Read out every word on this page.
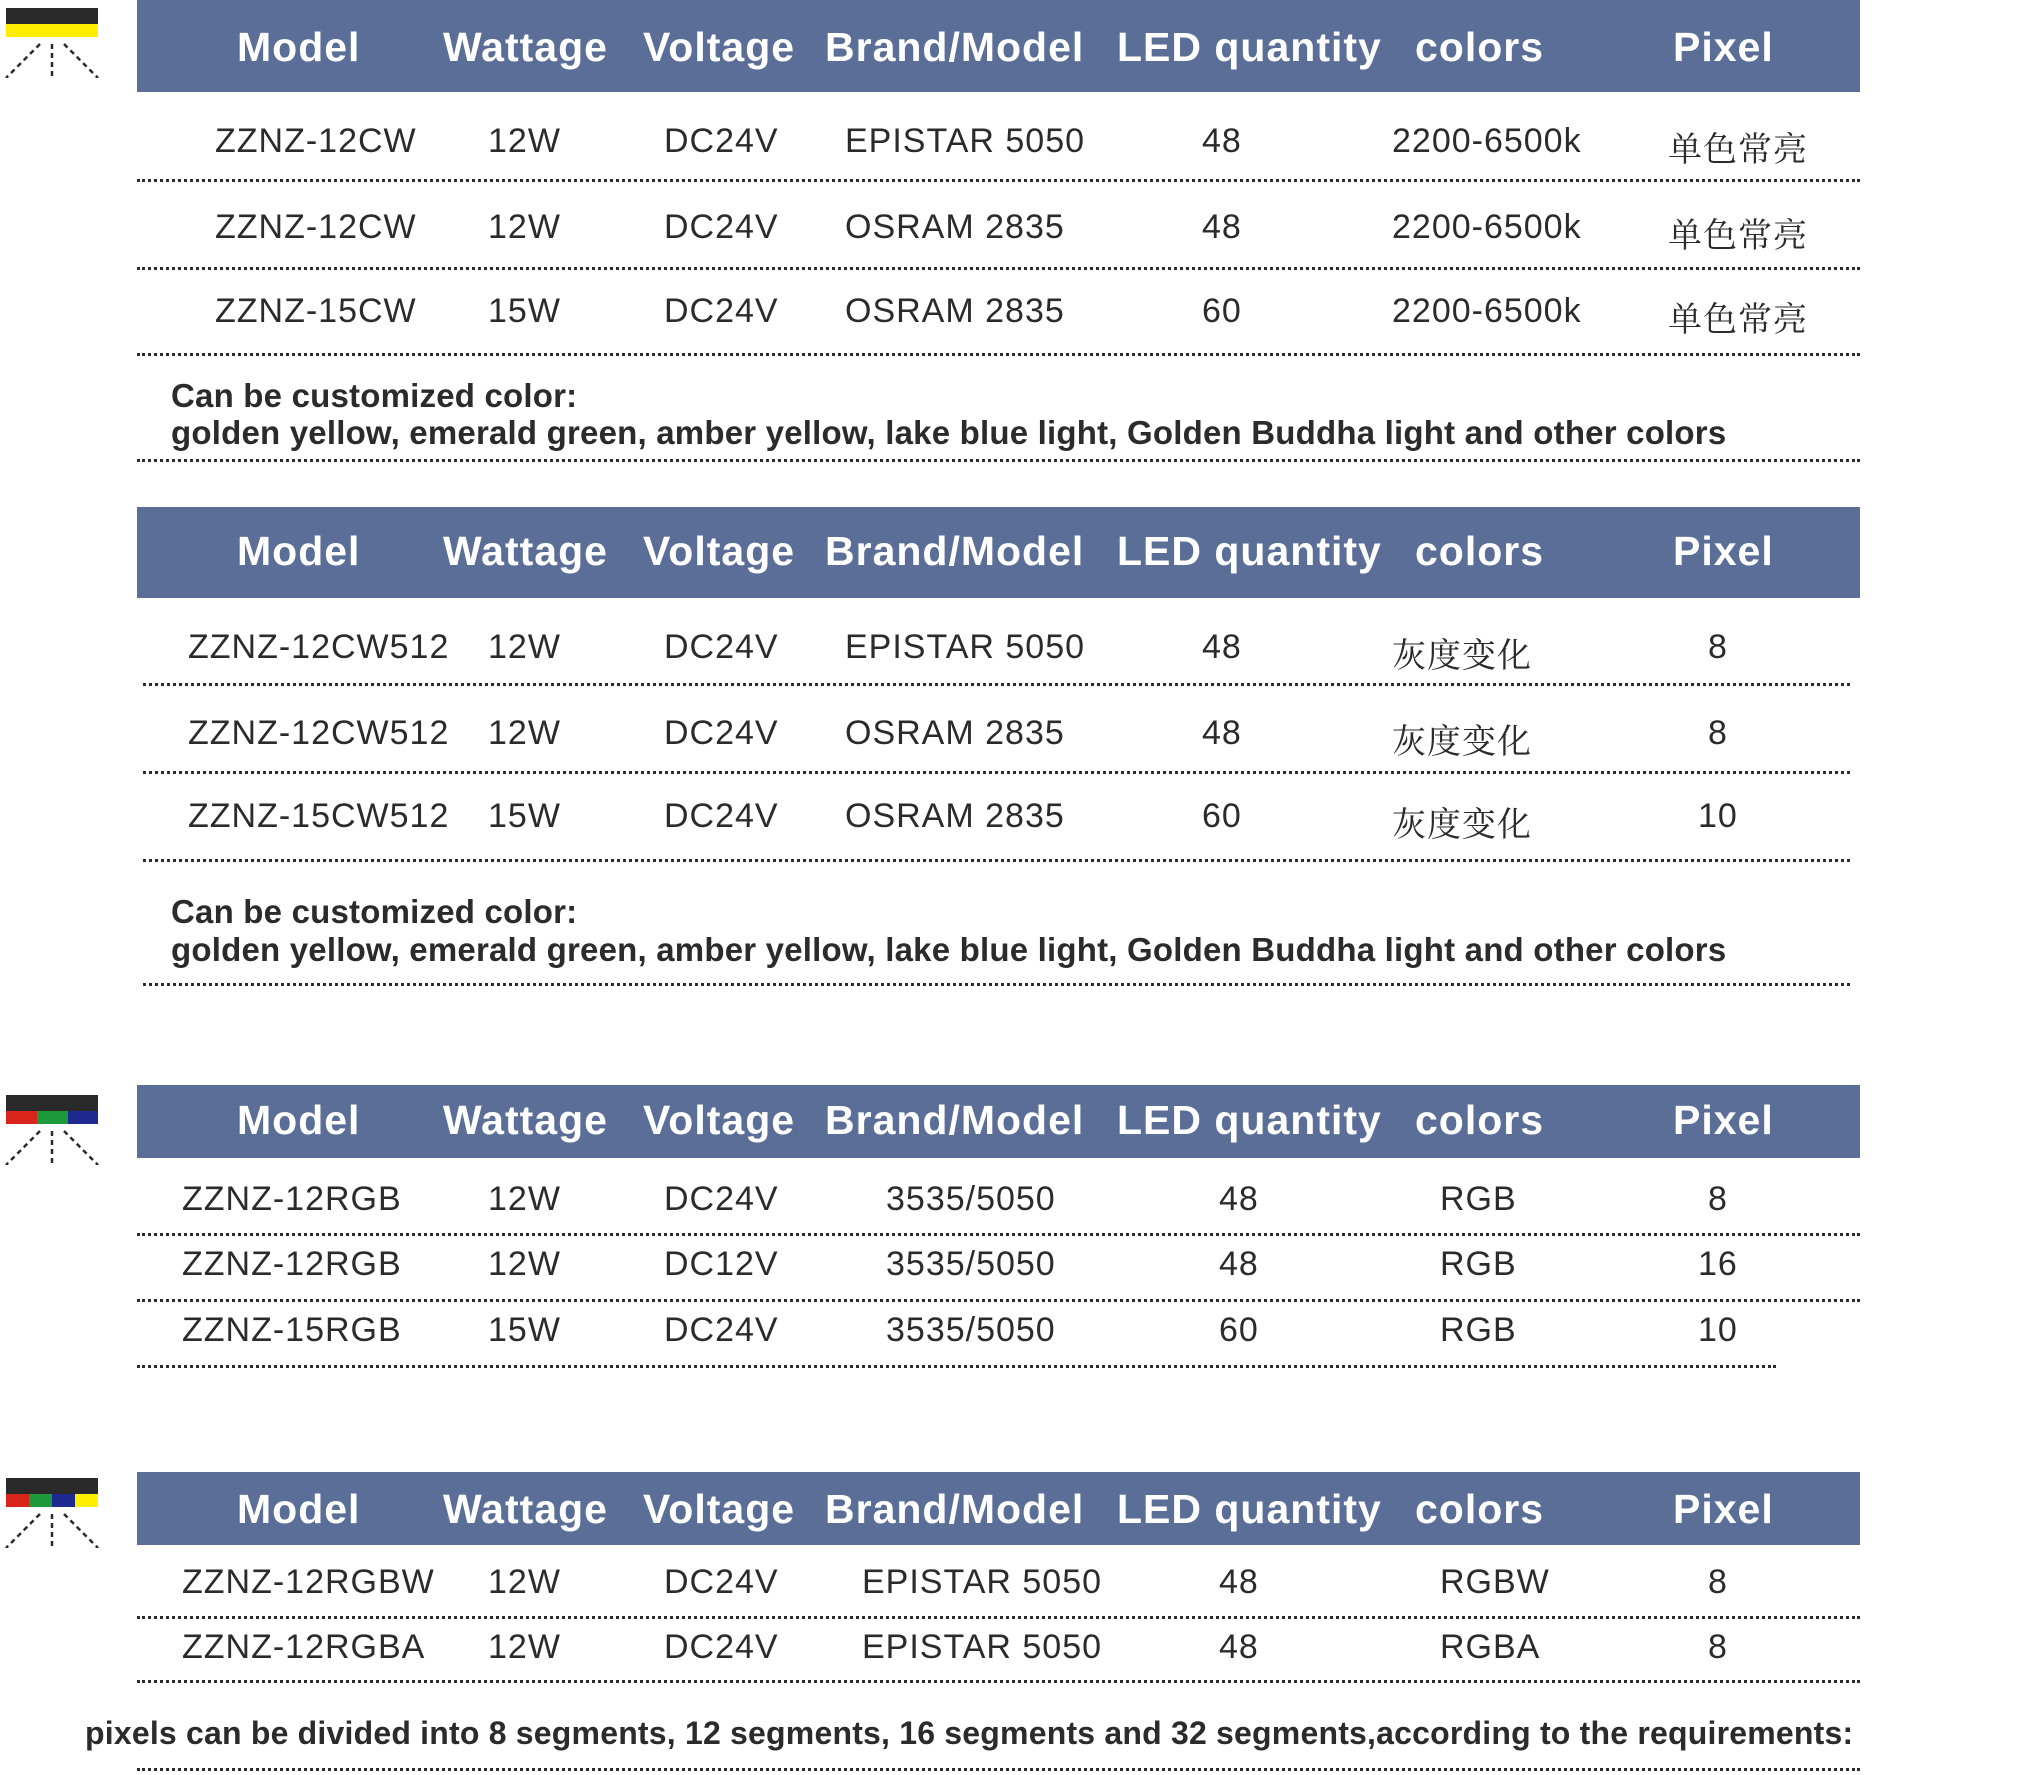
Model Wattage Voltage Brand/Model LED quantity colors	Pixel
ZZNZ-12CW 12W	DC24V EPISTAR 5050	48	2200-6500k	单色常亮
ZZNZ-12CW 12W	DC24V OSRAM 2835	48	2200-6500k	单色常亮
ZZNZ-15CW 15W	DC24V OSRAM 2835	60	2200-6500k	单色常亮
Can be customized color:
golden yellow, emerald green, amber yellow, lake blue light, Golden Buddha light and other colors
Model Wattage Voltage Brand/Model LED quantity colors	Pixel
ZZNZ-12CW512 12W	DC24V EPISTAR 5050	48	灰度变化	8
ZZNZ-12CW512 12W	DC24V OSRAM 2835	48	灰度变化	8
ZZNZ-15CW512 15W	DC24V OSRAM 2835	60	灰度变化	10
Can be customized color:
golden yellow, emerald green, amber yellow, lake blue light, Golden Buddha light and other colors
Model Wattage Voltage Brand/Model LED quantity colors	Pixel
ZZNZ-12RGB	12W	DC24V	3535/5050	48	RGB	8
ZZNZ-12RGB	12W	DC12V	3535/5050	48	RGB	16
ZZNZ-15RGB	15W	DC24V	3535/5050	60	RGB	10
Model Wattage Voltage Brand/Model LED quantity colors	Pixel
ZZNZ-12RGBW 12W	DC24V EPISTAR 5050	48	RGBW	8
ZZNZ-12RGBA 12W	DC24V EPISTAR 5050	48	RGBA	8
pixels can be divided into 8 segments, 12 segments, 16 segments and 32 segments,according to the requirements:
